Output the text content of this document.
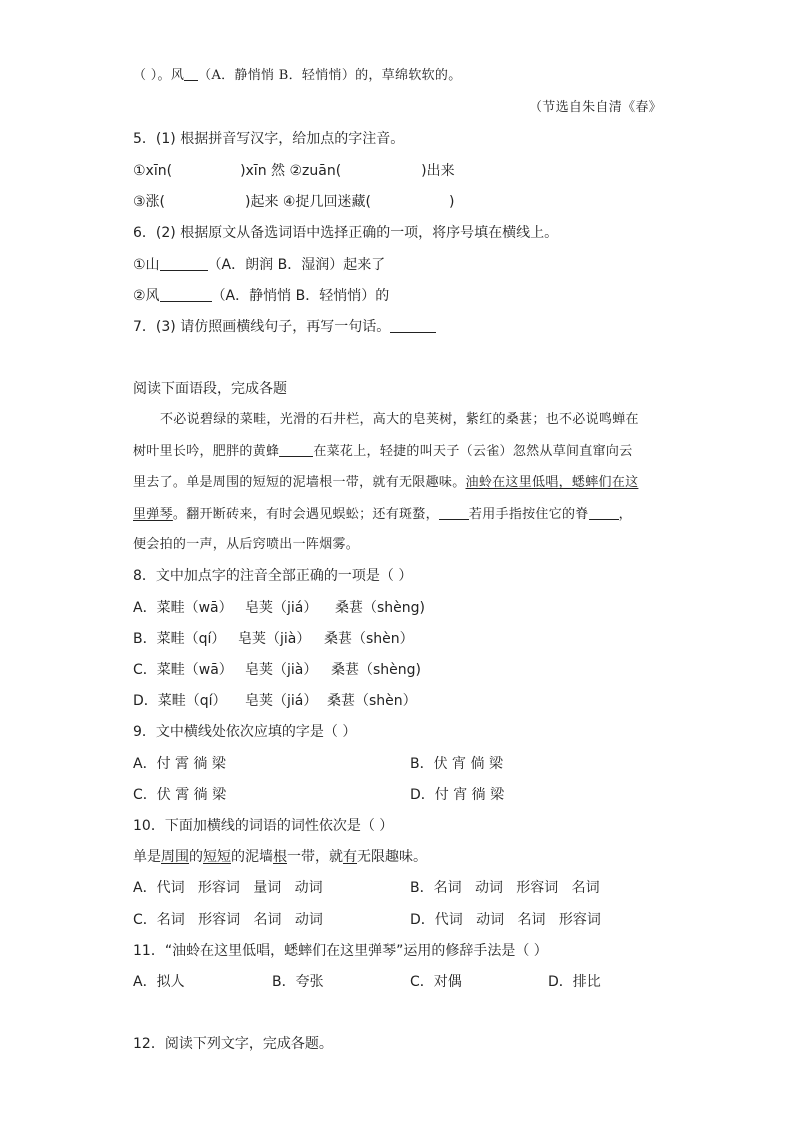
（ ）。风 （A．静悄悄 B．轻悄悄）的，草绵软软的。
（节选自朱自清《春》
5．(1) 根据拼音写汉字，给加点的字注音。
①xīn(	)xīn 然 ②zuān(	)出来
③涨(	)起来 ④捉几回迷藏(	)
6．(2) 根据原文从备选词语中选择正确的一项，将序号填在横线上。
①山	（A．朗润 B．湿润）起来了
②风	（A．静悄悄 B．轻悄悄）的
7．(3) 请仿照画横线句子，再写一句话。
阅读下面语段，完成各题
不必说碧绿的菜畦，光滑的石井栏，高大的皂荚树，紫红的桑葚；也不必说鸣蝉在
树叶里长吟，肥胖的黄蜂	在菜花上，轻捷的叫天子（云雀）忽然从草间直窜向云
里去了。单是周围的短短的泥墙根一带，就有无限趣味。油蛉在这里低唱，蟋蟀们在这
里弹琴。翻开断砖来，有时会遇见蜈蚣；还有斑蝥， 若用手指按住它的脊 ，
便会拍的一声，从后窍喷出一阵烟雾。
8．文中加点字的注音全部正确的一项是（ ）
A．菜畦（wā） 皂荚（jiá） 桑葚（shèng)
B．菜畦（qí） 皂荚（jià） 桑葚（shèn）
C．菜畦（wā） 皂荚（jià） 桑葚（shèng)
D．菜畦（qí） 皂荚（jiá） 桑葚（shèn）
9．文中横线处依次应填的字是（ ）
A．付 霄 徜 梁	B．伏 宵 倘 梁
C．伏 霄 徜 梁	D．付 宵 徜 梁
10．下面加横线的词语的词性依次是（ ）
单是周围的短短的泥墙根一带，就有无限趣味。
A．代词   形容词   量词   动词	B．名词   动词   形容词   名词
C．名词   形容词   名词   动词	D．代词   动词   名词   形容词
11．“油蛉在这里低唱，蟋蟀们在这里弹琴”运用的修辞手法是（ ）
A．拟人	B．夸张	C．对偶	D．排比
12．阅读下列文字，完成各题。
